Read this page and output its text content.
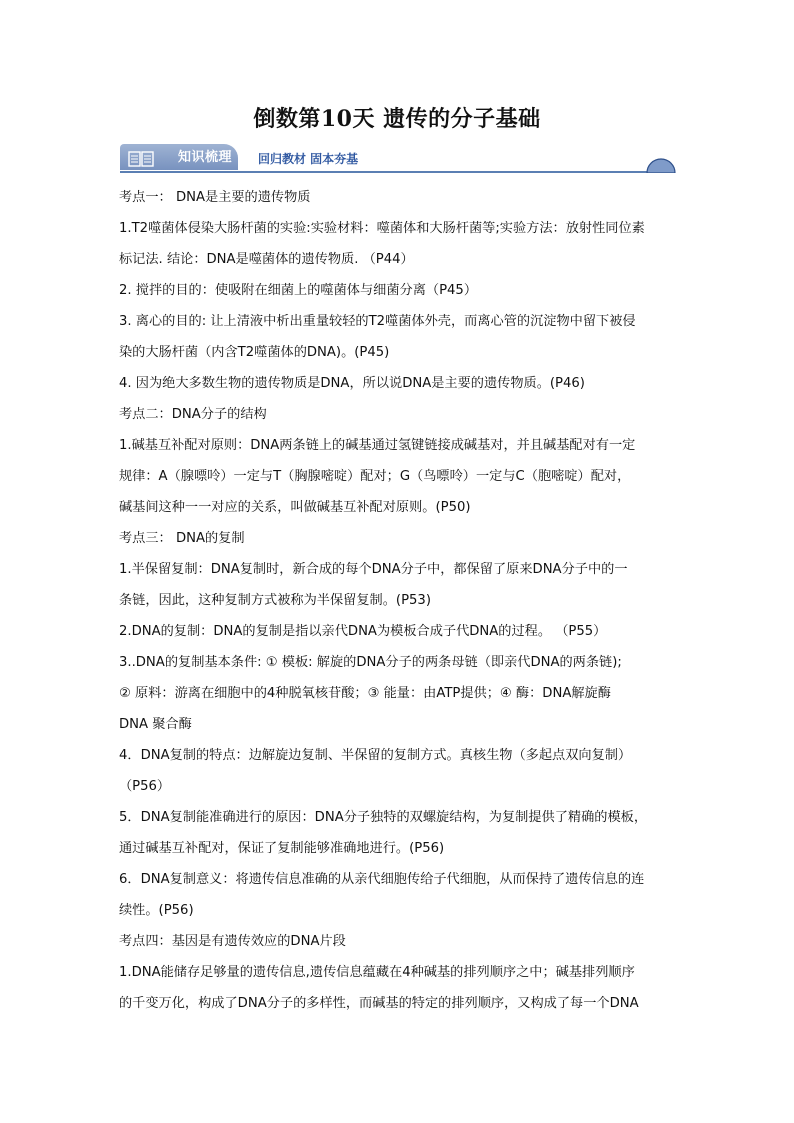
倒数第10天 遗传的分子基础
知识梳理 回归教材 固本夯基
考点一： DNA是主要的遗传物质
1.T2噬菌体侵染大肠杆菌的实验:实验材料：噬菌体和大肠杆菌等;实验方法：放射性同位素
标记法. 结论：DNA是噬菌体的遗传物质. （P44）
2. 搅拌的目的：使吸附在细菌上的噬菌体与细菌分离（P45）
3. 离心的目的: 让上清液中析出重量较轻的T2噬菌体外壳，而离心管的沉淀物中留下被侵
染的大肠杆菌（内含T2噬菌体的DNA)。(P45)
4. 因为绝大多数生物的遗传物质是DNA，所以说DNA是主要的遗传物质。(P46)
考点二：DNA分子的结构
1.碱基互补配对原则：DNA两条链上的碱基通过氢键链接成碱基对，并且碱基配对有一定
规律：A（腺嘌呤）一定与T（胸腺嘧啶）配对；G（鸟嘌呤）一定与C（胞嘧啶）配对，
碱基间这种一一对应的关系，叫做碱基互补配对原则。(P50)
考点三： DNA的复制
1.半保留复制：DNA复制时，新合成的每个DNA分子中，都保留了原来DNA分子中的一
条链，因此，这种复制方式被称为半保留复制。(P53)
2.DNA的复制：DNA的复制是指以亲代DNA为模板合成子代DNA的过程。 （P55）
3..DNA的复制基本条件: ① 模板: 解旋的DNA分子的两条母链（即亲代DNA的两条链);
② 原料：游离在细胞中的4种脱氧核苷酸；③ 能量：由ATP提供；④ 酶：DNA解旋酶
DNA 聚合酶
4．DNA复制的特点：边解旋边复制、半保留的复制方式。真核生物（多起点双向复制）
（P56）
5．DNA复制能准确进行的原因：DNA分子独特的双螺旋结构，为复制提供了精确的模板，
通过碱基互补配对，保证了复制能够准确地进行。(P56)
6．DNA复制意义：将遗传信息准确的从亲代细胞传给子代细胞，从而保持了遗传信息的连
续性。(P56)
考点四：基因是有遗传效应的DNA片段
1.DNA能储存足够量的遗传信息,遗传信息蕴藏在4种碱基的排列顺序之中；碱基排列顺序
的千变万化，构成了DNA分子的多样性，而碱基的特定的排列顺序，又构成了每一个DNA
